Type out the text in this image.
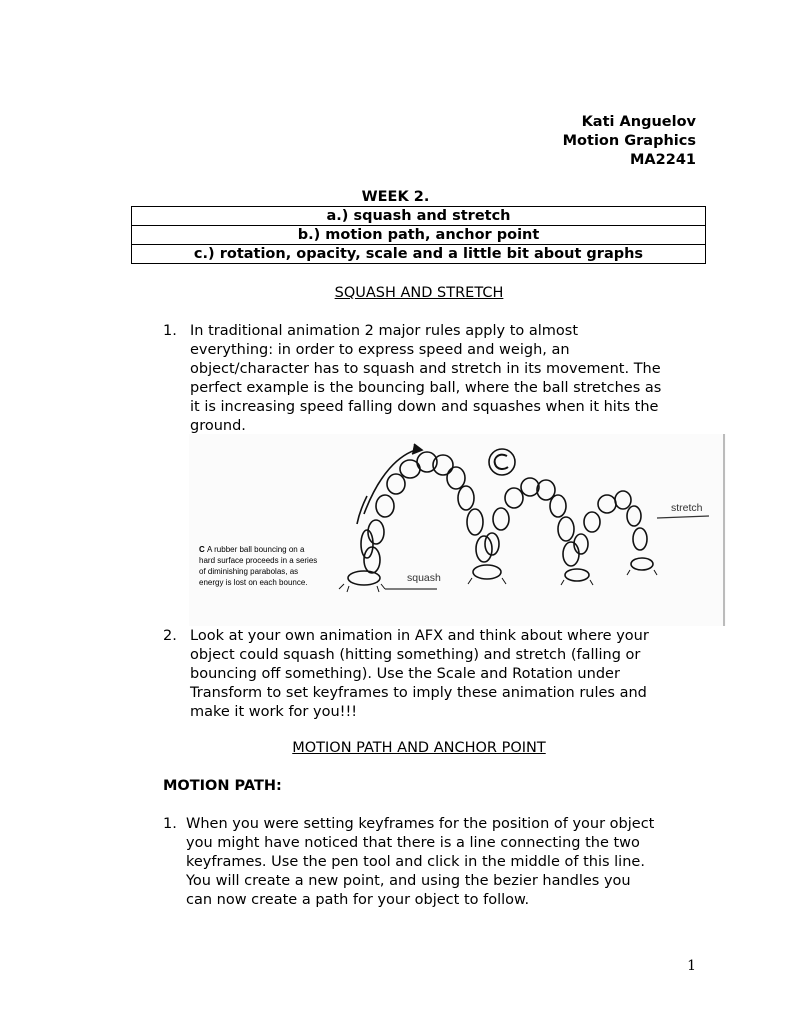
Kati Anguelov
Motion Graphics
MA2241
WEEK 2.
a.) squash and stretch
b.) motion path, anchor point
c.) rotation, opacity, scale and a little bit about graphs
SQUASH AND STRETCH
1. In traditional animation 2 major rules apply to almost
everything: in order to express speed and weigh, an
object/character has to squash and stretch in its movement. The
perfect example is the bouncing ball, where the ball stretches as
it is increasing speed falling down and squashes when it hits the
ground.
C A rubber ball bouncing on a
hard surface proceeds in a series
of diminishing parabolas, as
energy is lost on each bounce.	squash
stretch
2. Look at your own animation in AFX and think about where your
object could squash (hitting something) and stretch (falling or
bouncing off something). Use the Scale and Rotation under
Transform to set keyframes to imply these animation rules and
make it work for you!!!
MOTION PATH AND ANCHOR POINT
MOTION PATH:
1. When you were setting keyframes for the position of your object
you might have noticed that there is a line connecting the two
keyframes. Use the pen tool and click in the middle of this line.
You will create a new point, and using the bezier handles you
can now create a path for your object to follow.
1
